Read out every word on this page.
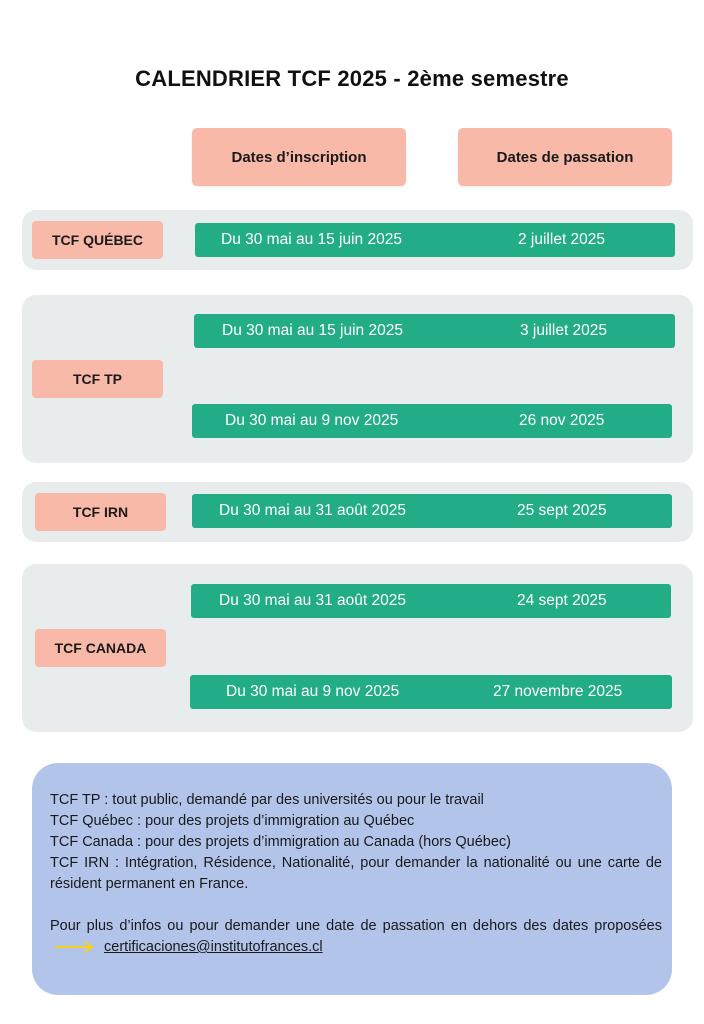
CALENDRIER TCF 2025 - 2ème semestre
Dates d’inscription	Dates de passation
TCF QUÉBEC	Du 30 mai au 15 juin 2025	2 juillet 2025
TCF TP
Du 30 mai au 15 juin 2025	3 juillet 2025
Du 30 mai au 9 nov 2025	26 nov 2025
TCF IRN	Du 30 mai au 31 août 2025	25 sept 2025
TCF CANADA
Du 30 mai au 31 août 2025	24 sept 2025
Du 30 mai au 9 nov 2025	27 novembre 2025

TCF TP : tout public, demandé par des universités ou pour le travail

TCF Québec : pour des projets d’immigration au Québec

TCF Canada : pour des projets d’immigration au Canada (hors Québec)

TCF IRN : Intégration, Résidence, Nationalité, pour demander la nationalité ou une carte de résident permanent en France.

Pour plus d’infos ou pour demander une date de passation en dehors des dates proposées  certificaciones@institutofrances.cl
